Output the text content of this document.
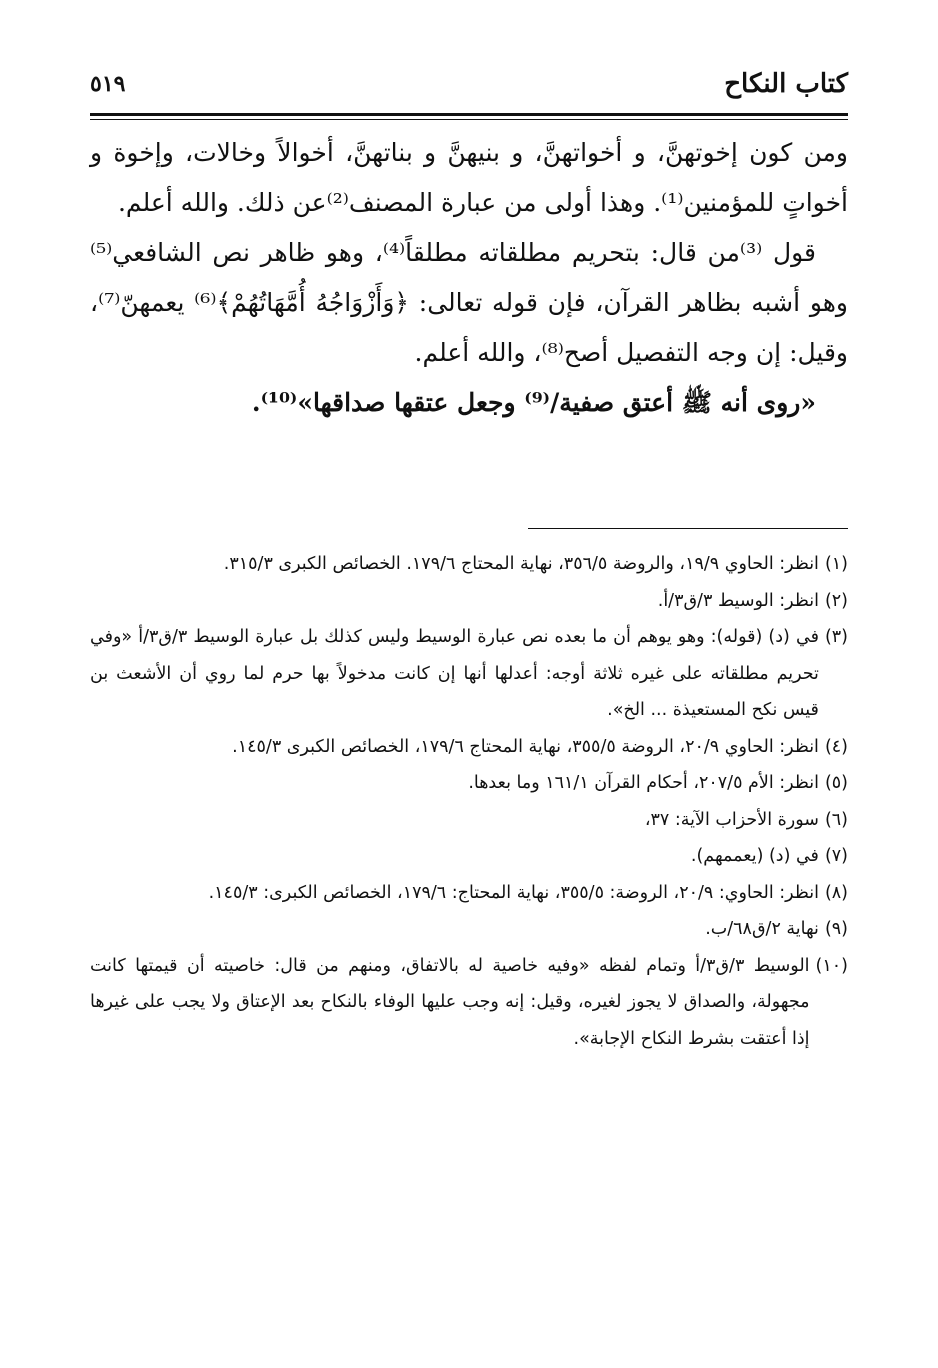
كتاب النكاح
٥١٩

ومن كون إخوتهنَّ، و أخواتهنَّ، و بنيهنَّ و بناتهنَّ، أخوالاً وخالات، وإخوة و أخواتٍ للمؤمنين⁽¹⁾. وهذا أولى من عبارة المصنف⁽²⁾عن ذلك. والله أعلم.

قول ⁽³⁾من قال: بتحريم مطلقاته مطلقاً⁽⁴⁾، وهو ظاهر نص الشافعي⁽⁵⁾ وهو أشبه بظاهر القرآن، فإن قوله تعالى: ﴿وَأَزْوَاجُهُ أُمَّهَاتُهُمْ﴾⁽⁶⁾ يعمهنّ⁽⁷⁾، وقيل: إن وجه التفصيل أصح⁽⁸⁾، والله أعلم.

«روى أنه ﷺ أعتق صفية/⁽⁹⁾ وجعل عتقها صداقها»⁽¹⁰⁾.

(١)
انظر: الحاوي ١٩/٩، والروضة ٣٥٦/٥، نهاية المحتاج ١٧٩/٦. الخصائص الكبرى ٣١٥/٣.
(٢)
انظر: الوسيط ٣/ق٣/أ.
(٣)
في (د) (قوله): وهو يوهم أن ما بعده نص عبارة الوسيط وليس كذلك بل عبارة الوسيط ٣/ق٣/أ «وفي تحريم مطلقاته على غيره ثلاثة أوجه: أعدلها أنها إن كانت مدخولاً بها حرم لما روي أن الأشعث بن قيس نكح المستعيذة ... الخ».
(٤)
انظر: الحاوي ٢٠/٩، الروضة ٣٥٥/٥، نهاية المحتاج ١٧٩/٦، الخصائص الكبرى ١٤٥/٣.
(٥)
انظر: الأم ٢٠٧/٥، أحكام القرآن ١٦١/١ وما بعدها.
(٦)
سورة الأحزاب الآية: ٣٧،
(٧)
في (د) (يعممهم).
(٨)
انظر: الحاوي: ٢٠/٩، الروضة: ٣٥٥/٥، نهاية المحتاج: ١٧٩/٦، الخصائص الكبرى: ١٤٥/٣.
(٩)
نهاية ٢/ق٦٨/ب.
(١٠)
الوسيط ٣/ق٣/أ وتمام لفظه «وفيه خاصية له بالاتفاق، ومنهم من قال: خاصيته أن قيمتها كانت مجهولة، والصداق لا يجوز لغيره، وقيل: إنه وجب عليها الوفاء بالنكاح بعد الإعتاق ولا يجب على غيرها إذا أعتقت بشرط النكاح الإجابة».
